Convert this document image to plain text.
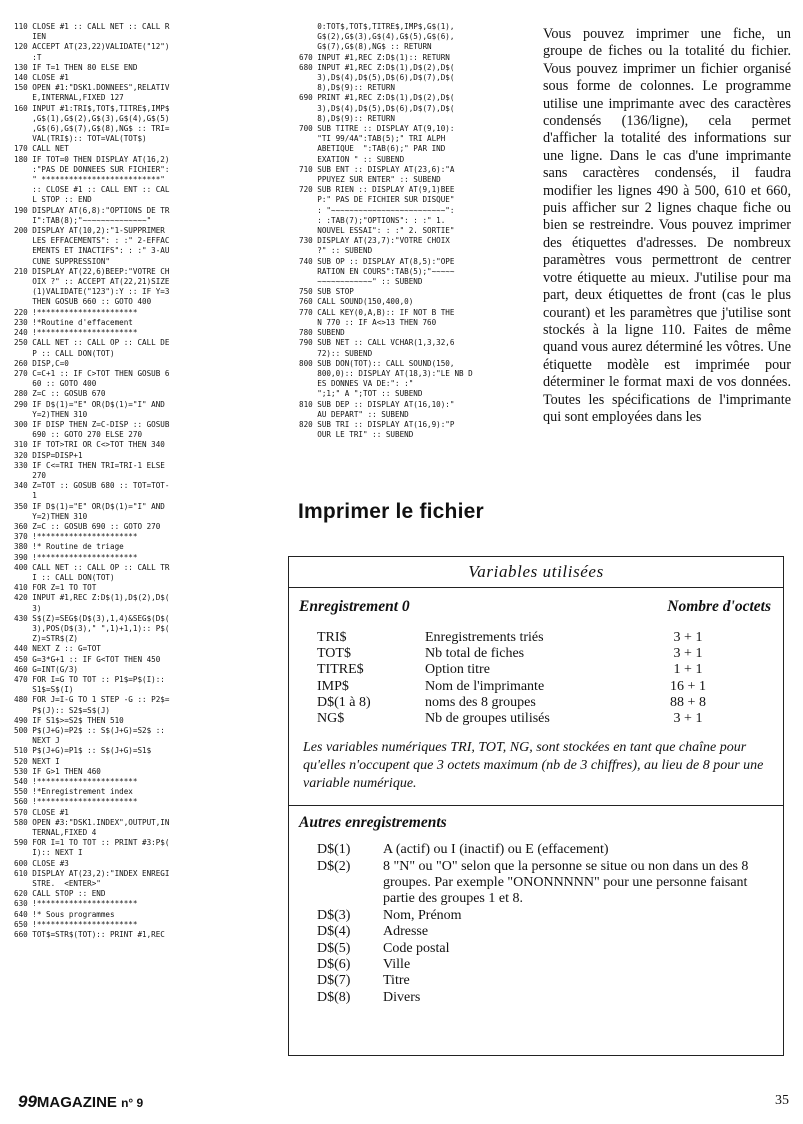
110 CLOSE #1 :: CALL NET :: CALL R
IEN
120 ACCEPT AT(23,22)VALIDATE("12")
:T
130 IF T=1 THEN 80 ELSE END
140 CLOSE #1
150 OPEN #1:"DSK1.DONNEES",RELATIV
E,INTERNAL,FIXED 127
160 INPUT #1:TRI$,TOT$,TITRE$,IMP$
,G$(1),G$(2),G$(3),G$(4),G$(5)
,G$(6),G$(7),G$(8),NG$ :: TRI=
VAL(TRI$):: TOT=VAL(TOT$)
170 CALL NET
180 IF TOT=0 THEN DISPLAY AT(16,2)
:"PAS DE DONNEES SUR FICHIER":
" **************************"
:: CLOSE #1 :: CALL ENT :: CAL
L STOP :: END
190 DISPLAY AT(6,8):"OPTIONS DE TR
I":TAB(8);"~~~~~~~~~~~~~~"
200 DISPLAY AT(10,2):"1-SUPPRIMER
LES EFFACEMENTS": : :" 2-EFFAC
EMENTS ET INACTIFS": : :" 3-AU
CUNE SUPPRESSION"
210 DISPLAY AT(22,6)BEEP:"VOTRE CH
OIX ?" :: ACCEPT AT(22,21)SIZE
(1)VALIDATE("123"):Y :: IF Y=3
THEN GOSUB 660 :: GOTO 400
220 !**********************
230 !*Routine d'effacement
240 !**********************
250 CALL NET :: CALL OP :: CALL DE
P :: CALL DON(TOT)
260 DISP,C=0
270 C=C+1 :: IF C>TOT THEN GOSUB 6
60 :: GOTO 400
280 Z=C :: GOSUB 670
290 IF D$(1)="E" OR(D$(1)="I" AND
Y=2)THEN 310
300 IF DISP THEN Z=C-DISP :: GOSUB
690 :: GOTO 270 ELSE 270
310 IF TOT>TRI OR C<>TOT THEN 340
320 DISP=DISP+1
330 IF C<=TRI THEN TRI=TRI-1 ELSE
270
340 Z=TOT :: GOSUB 680 :: TOT=TOT-
1
350 IF D$(1)="E" OR(D$(1)="I" AND
Y=2)THEN 310
360 Z=C :: GOSUB 690 :: GOTO 270
370 !**********************
380 !* Routine de triage
390 !**********************
400 CALL NET :: CALL OP :: CALL TR
I :: CALL DON(TOT)
410 FOR Z=1 TO TOT
420 INPUT #1,REC Z:D$(1),D$(2),D$(
3)
430 S$(Z)=SEG$(D$(3),1,4)&SEG$(D$(
3),POS(D$(3)," ",1)+1,1):: P$(
Z)=STR$(Z)
440 NEXT Z :: G=TOT
450 G=3*G+1 :: IF G<TOT THEN 450
460 G=INT(G/3)
470 FOR I=G TO TOT :: P1$=P$(I)::
S1$=S$(I)
480 FOR J=I-G TO 1 STEP -G :: P2$=
P$(J):: S2$=S$(J)
490 IF S1$>=S2$ THEN 510
500 P$(J+G)=P2$ :: S$(J+G)=S2$ ::
NEXT J
510 P$(J+G)=P1$ :: S$(J+G)=S1$
520 NEXT I
530 IF G>1 THEN 460
540 !**********************
550 !*Enregistrement index
560 !**********************
570 CLOSE #1
580 OPEN #3:"DSK1.INDEX",OUTPUT,IN
TERNAL,FIXED 4
590 FOR I=1 TO TOT :: PRINT #3:P$(
I):: NEXT I
600 CLOSE #3
610 DISPLAY AT(23,2):"INDEX ENREGI
STRE.  <ENTER>"
620 CALL STOP :: END
630 !**********************
640 !* Sous programmes
650 !**********************
660 TOT$=STR$(TOT):: PRINT #1,REC
0:TOT$,TOT$,TITRE$,IMP$,G$(1),
G$(2),G$(3),G$(4),G$(5),G$(6),
G$(7),G$(8),NG$ :: RETURN
670 INPUT #1,REC Z:D$(1):: RETURN
680 INPUT #1,REC Z:D$(1),D$(2),D$(
3),D$(4),D$(5),D$(6),D$(7),D$(
8),D$(9):: RETURN
690 PRINT #1,REC Z:D$(1),D$(2),D$(
3),D$(4),D$(5),D$(6),D$(7),D$(
8),D$(9):: RETURN
700 SUB TITRE :: DISPLAY AT(9,10):
"TI 99/4A":TAB(5);" TRI ALPH
ABETIQUE  ":TAB(6);" PAR IND
EXATION " :: SUBEND
710 SUB ENT :: DISPLAY AT(23,6):"A
PPUYEZ SUR ENTER" :: SUBEND
720 SUB RIEN :: DISPLAY AT(9,1)BEE
P:" PAS DE FICHIER SUR DISQUE"
: "~~~~~~~~~~~~~~~~~~~~~~~~~":
: :TAB(7);"OPTIONS": : :" 1.
NOUVEL ESSAI": : :" 2. SORTIE"
730 DISPLAY AT(23,7):"VOTRE CHOIX
?" :: SUBEND
740 SUB OP :: DISPLAY AT(8,5):"OPE
RATION EN COURS":TAB(5);"~~~~~
~~~~~~~~~~~~" :: SUBEND
750 SUB STOP
760 CALL SOUND(150,400,0)
770 CALL KEY(0,A,B):: IF NOT B THE
N 770 :: IF A<>13 THEN 760
780 SUBEND
790 SUB NET :: CALL VCHAR(1,3,32,6
72):: SUBEND
800 SUB DON(TOT):: CALL SOUND(150,
800,0):: DISPLAY AT(18,3):"LE NB D
ES DONNES VA DE:": :"
";1;" A ";TOT :: SUBEND
810 SUB DEP :: DISPLAY AT(16,10):"
AU DEPART" :: SUBEND
820 SUB TRI :: DISPLAY AT(16,9):"P
OUR LE TRI" :: SUBEND
Vous pouvez imprimer une fiche, un groupe de fiches ou la totalité du fichier. Vous pouvez imprimer un fichier organisé sous forme de colonnes. Le programme utilise une imprimante avec des caractères condensés (136/ligne), cela permet d'afficher la totalité des informations sur une ligne. Dans le cas d'une imprimante sans caractères condensés, il faudra modifier les lignes 490 à 500, 610 et 660, puis afficher sur 2 lignes chaque fiche ou bien se restreindre. Vous pouvez imprimer des étiquettes d'adresses. De nombreux paramètres vous permettront de centrer votre étiquette au mieux. J'utilise pour ma part, deux étiquettes de front (cas le plus courant) et les paramètres que j'utilise sont stockés à la ligne 110. Faites de même quand vous aurez déterminé les vôtres. Une étiquette modèle est imprimée pour déterminer le format maxi de vos données. Toutes les spécifications de l'imprimante qui sont employées dans les
Imprimer le fichier
Variables utilisées
Enregistrement 0	Nombre d'octets
TRI$	Enregistrements triés	3 + 1
TOT$	Nb total de fiches	3 + 1
TITRE$	Option titre	1 + 1
IMP$	Nom de l'imprimante	16 + 1
D$(1 à 8)	noms des 8 groupes	88 + 8
NG$	Nb de groupes utilisés	3 + 1
Les variables numériques TRI, TOT, NG, sont stockées en tant que chaîne pour qu'elles n'occupent que 3 octets maximum (nb de 3 chiffres), au lieu de 8 pour une variable numérique.
Autres enregistrements
D$(1)	A (actif) ou I (inactif) ou E (effacement)
D$(2)	8 "N" ou "O" selon que la personne se situe ou non dans un des 8 groupes. Par exemple "ONONNNNN" pour une personne faisant partie des groupes 1 et 8.
D$(3)	Nom, Prénom
D$(4)	Adresse
D$(5)	Code postal
D$(6)	Ville
D$(7)	Titre
D$(8)	Divers
99MAGAZINE n° 9	35
